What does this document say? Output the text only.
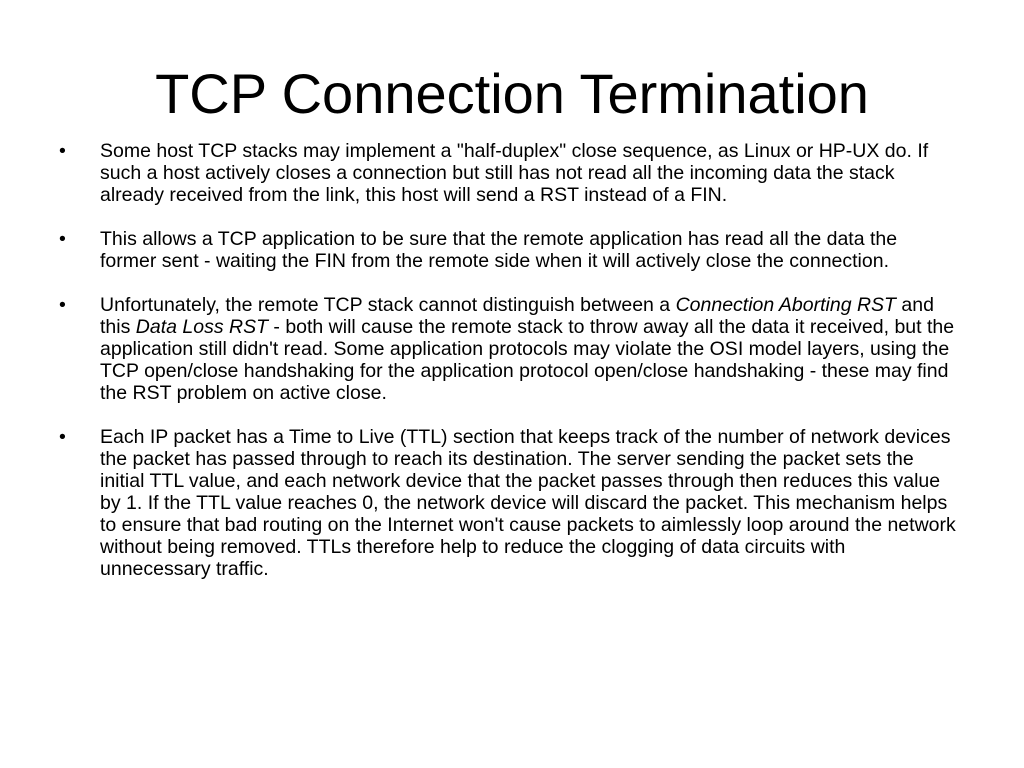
TCP Connection Termination
• Some host TCP stacks may implement a "half-duplex" close sequence, as Linux or HP-UX do. If such a host actively closes a connection but still has not read all the incoming data the stack already received from the link, this host will send a RST instead of a FIN.

• This allows a TCP application to be sure that the remote application has read all the data the former sent - waiting the FIN from the remote side when it will actively close the connection.

• Unfortunately, the remote TCP stack cannot distinguish between a Connection Aborting RST and this Data Loss RST - both will cause the remote stack to throw away all the data it received, but the application still didn't read. Some application protocols may violate the OSI model layers, using the TCP open/close handshaking for the application protocol open/close handshaking - these may find the RST problem on active close.

• Each IP packet has a Time to Live (TTL) section that keeps track of the number of network devices the packet has passed through to reach its destination. The server sending the packet sets the initial TTL value, and each network device that the packet passes through then reduces this value by 1. If the TTL value reaches 0, the network device will discard the packet. This mechanism helps to ensure that bad routing on the Internet won't cause packets to aimlessly loop around the network without being removed. TTLs therefore help to reduce the clogging of data circuits with unnecessary traffic.
